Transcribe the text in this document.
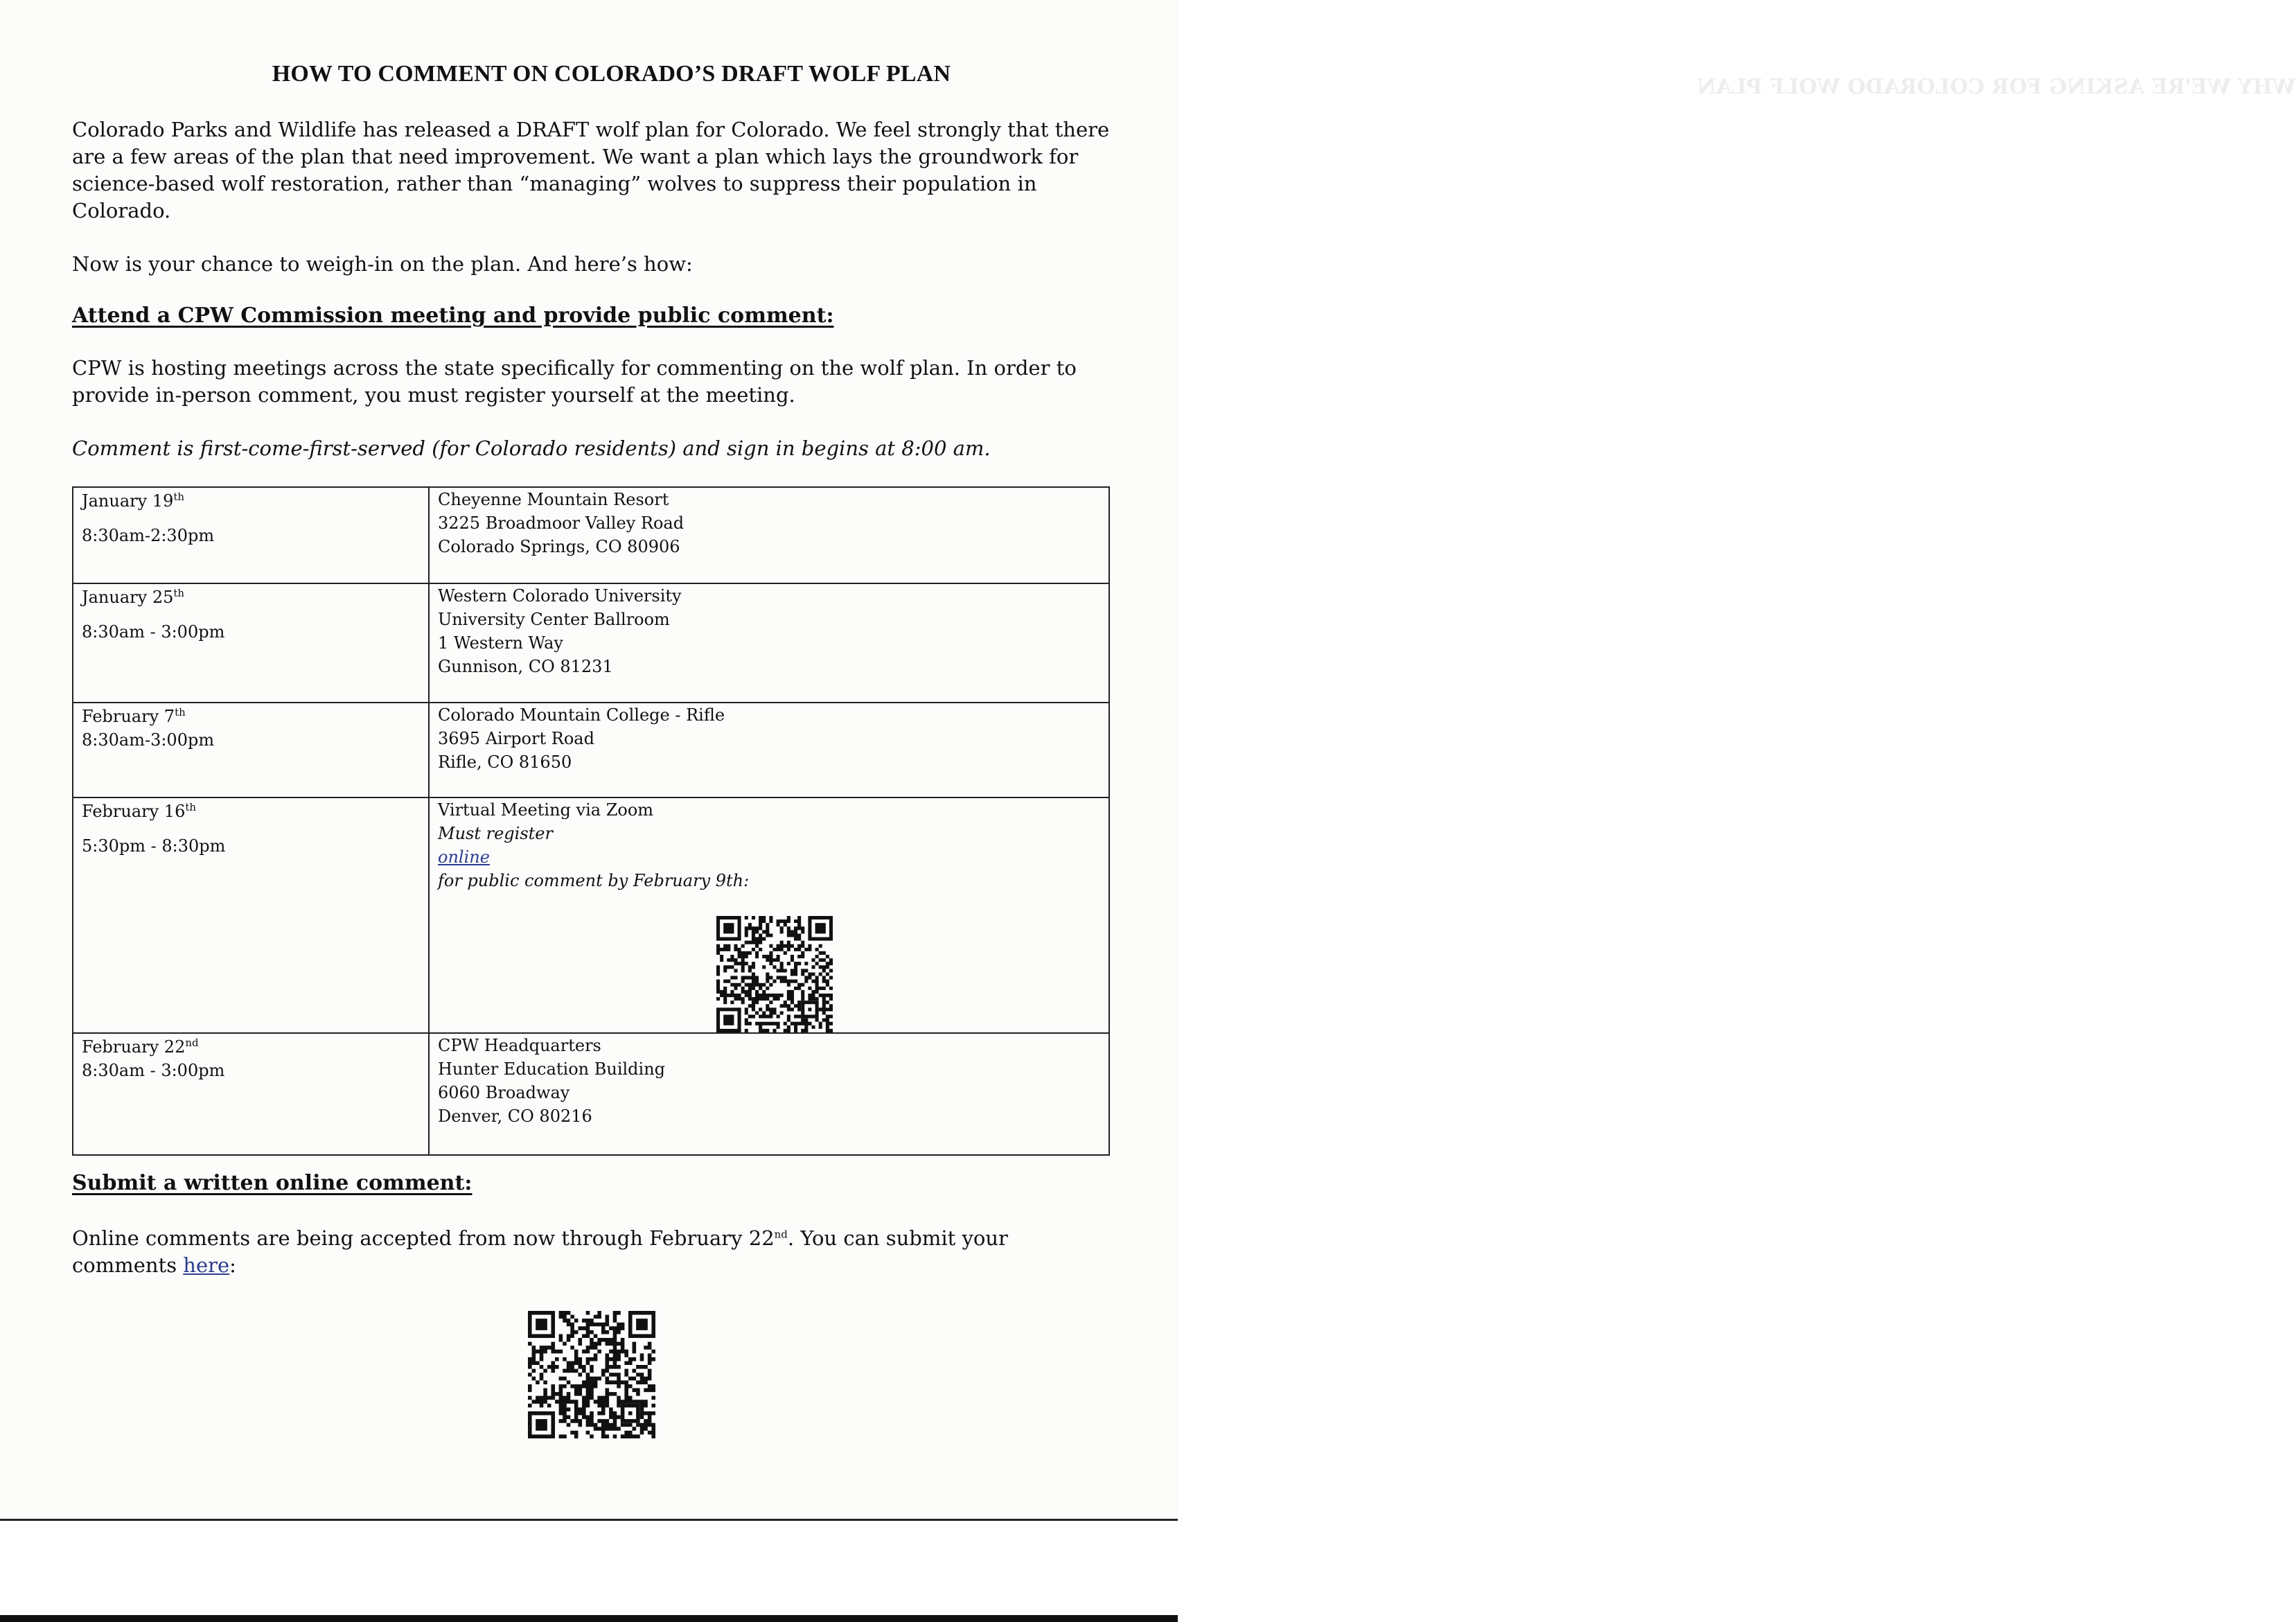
WHY WE'RE ASKING FOR COLORADO WOLF PLAN
HOW TO COMMENT ON COLORADO’S DRAFT WOLF PLAN

Colorado Parks and Wildlife has released a DRAFT wolf plan for Colorado. We feel strongly that there are a few areas of the plan that need improvement. We want a plan which lays the groundwork for science-based wolf restoration, rather than “managing” wolves to suppress their population in Colorado.

Now is your chance to weigh-in on the plan. And here’s how:

Attend a CPW Commission meeting and provide public comment:

CPW is hosting meetings across the state specifically for commenting on the wolf plan. In order to provide in-person comment, you must register yourself at the meeting.

Comment is first-come-first-served (for Colorado residents) and sign in begins at 8:00 am.

January 19th
8:30am-2:30pm	Cheyenne Mountain Resort
3225 Broadmoor Valley Road
Colorado Springs, CO 80906

January 25th
8:30am - 3:00pm	Western Colorado University
University Center Ballroom
1 Western Way
Gunnison, CO 81231

February 7th
8:30am-3:00pm	Colorado Mountain College - Rifle
3695 Airport Road
Rifle, CO 81650

February 16th
5:30pm - 8:30pm	Virtual Meeting via Zoom
Must register
online
for public comment by February 9th:

February 22nd
8:30am - 3:00pm	CPW Headquarters
Hunter Education Building
6060 Broadway
Denver, CO 80216

Submit a written online comment:

Online comments are being accepted from now through February 22nd. You can submit your comments here:
